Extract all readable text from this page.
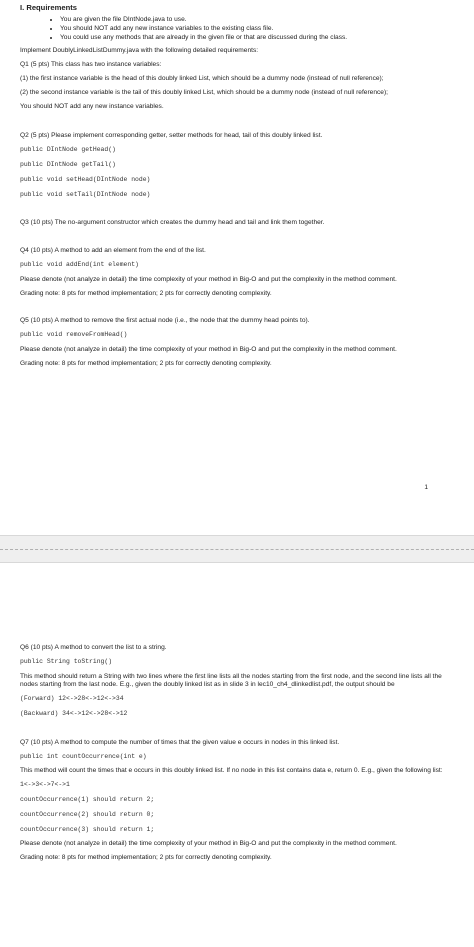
I. Requirements
• You are given the file DIntNode.java to use.
• You should NOT add any new instance variables to the existing class file.
• You could use any methods that are already in the given file or that are discussed during the class.

Implement DoublyLinkedListDummy.java with the following detailed requirements:

Q1 (5 pts) This class has two instance variables:

(1) the first instance variable is the head of this doubly linked List, which should be a dummy node (instead of null reference);

(2) the second instance variable is the tail of this doubly linked List, which should be a dummy node (instead of null reference);

You should NOT add any new instance variables.

Q2 (5 pts) Please implement corresponding getter, setter methods for head, tail of this doubly linked list.

public DIntNode getHead()
public DIntNode getTail()
public void setHead(DIntNode node)
public void setTail(DIntNode node)

Q3 (10 pts) The no-argument constructor which creates the dummy head and tail and link them together.

Q4 (10 pts) A method to add an element from the end of the list.

public void addEnd(int element)

Please denote (not analyze in detail) the time complexity of your method in Big-O and put the complexity in the method comment.

Grading note: 8 pts for method implementation; 2 pts for correctly denoting complexity.

Q5 (10 pts) A method to remove the first actual node (i.e., the node that the dummy head points to).

public void removeFromHead()

Please denote (not analyze in detail) the time complexity of your method in Big-O and put the complexity in the method comment.

Grading note: 8 pts for method implementation; 2 pts for correctly denoting complexity.

1

Q6 (10 pts) A method to convert the list to a string.

public String toString()

This method should return a String with two lines where the first line lists all the nodes starting from the first node, and the second line lists all the nodes starting from the last node. E.g., given the doubly linked list as in slide 3 in lec10_ch4_dlinkedlist.pdf, the output should be

(Forward) 12<->28<->12<->34
(Backward) 34<->12<->28<->12

Q7 (10 pts) A method to compute the number of times that the given value e occurs in nodes in this linked list.

public int countOccurrence(int e)

This method will count the times that e occurs in this doubly linked list. If no node in this list contains data e, return 0. E.g., given the following list:

1<->3<->7<->1
countOccurrence(1) should return 2;
countOccurrence(2) should return 0;
countOccurrence(3) should return 1;

Please denote (not analyze in detail) the time complexity of your method in Big-O and put the complexity in the method comment.

Grading note: 8 pts for method implementation; 2 pts for correctly denoting complexity.
